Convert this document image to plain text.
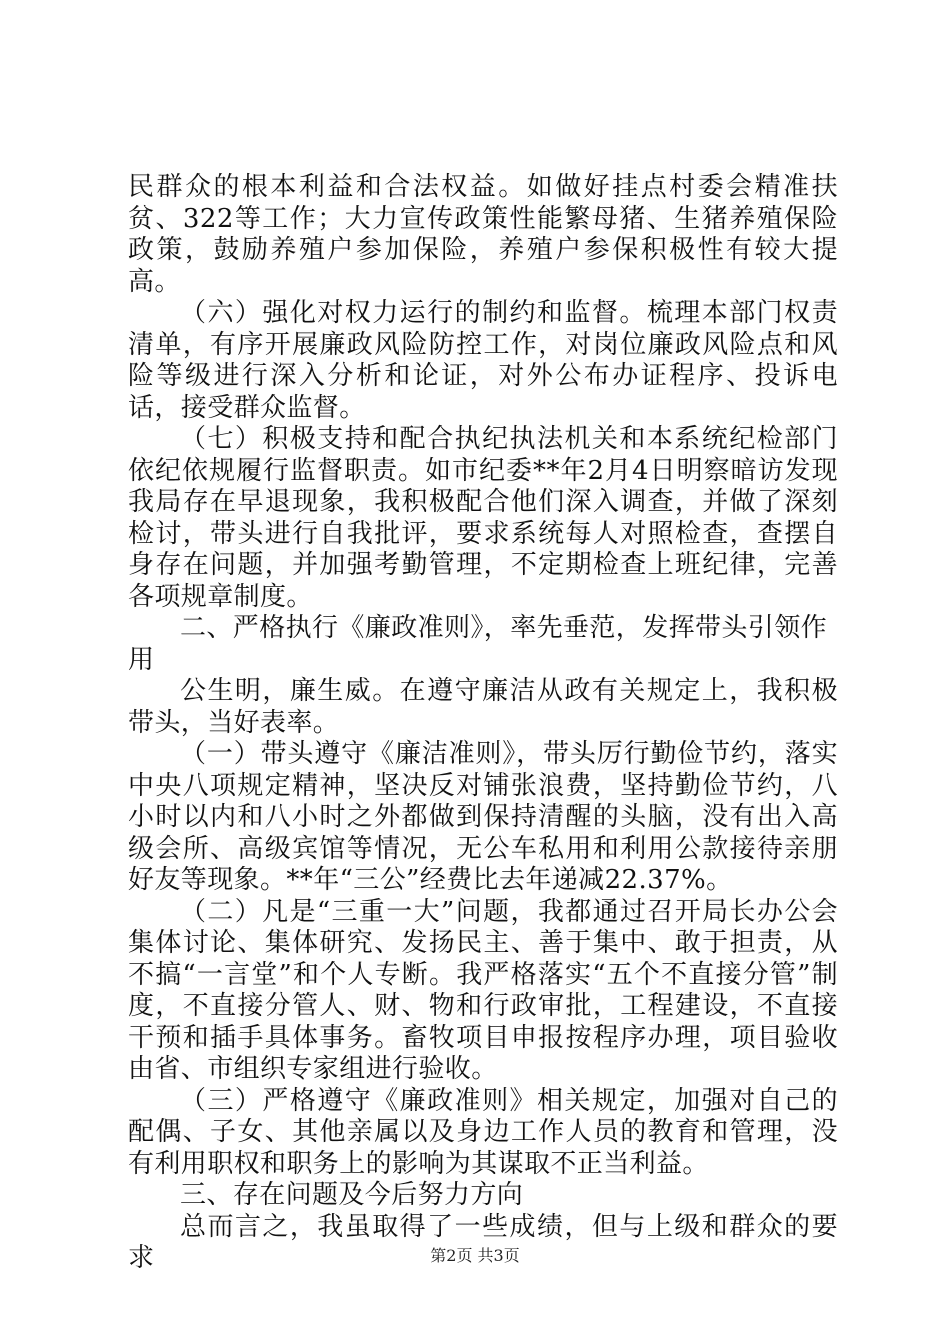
民群众的根本利益和合法权益。如做好挂点村委会精准扶贫、322等工作；大力宣传政策性能繁母猪、生猪养殖保险政策，鼓励养殖户参加保险，养殖户参保积极性有较大提高。

（六）强化对权力运行的制约和监督。梳理本部门权责清单，有序开展廉政风险防控工作，对岗位廉政风险点和风险等级进行深入分析和论证，对外公布办证程序、投诉电话，接受群众监督。

（七）积极支持和配合执纪执法机关和本系统纪检部门依纪依规履行监督职责。如市纪委**年2月4日明察暗访发现我局存在早退现象，我积极配合他们深入调查，并做了深刻检讨，带头进行自我批评，要求系统每人对照检查，查摆自身存在问题，并加强考勤管理，不定期检查上班纪律，完善各项规章制度。

二、严格执行《廉政准则》，率先垂范，发挥带头引领作用

公生明，廉生威。在遵守廉洁从政有关规定上，我积极带头，当好表率。

（一）带头遵守《廉洁准则》，带头厉行勤俭节约，落实中央八项规定精神，坚决反对铺张浪费，坚持勤俭节约，八小时以内和八小时之外都做到保持清醒的头脑，没有出入高级会所、高级宾馆等情况，无公车私用和利用公款接待亲朋好友等现象。**年“三公”经费比去年递减22.37%。

（二）凡是“三重一大”问题，我都通过召开局长办公会集体讨论、集体研究、发扬民主、善于集中、敢于担责，从不搞“一言堂”和个人专断。我严格落实“五个不直接分管”制度，不直接分管人、财、物和行政审批，工程建设，不直接干预和插手具体事务。畜牧项目申报按程序办理，项目验收由省、市组织专家组进行验收。

（三）严格遵守《廉政准则》相关规定，加强对自己的配偶、子女、其他亲属以及身边工作人员的教育和管理，没有利用职权和职务上的影响为其谋取不正当利益。

三、存在问题及今后努力方向

总而言之，我虽取得了一些成绩，但与上级和群众的要求	第2页 共3页
